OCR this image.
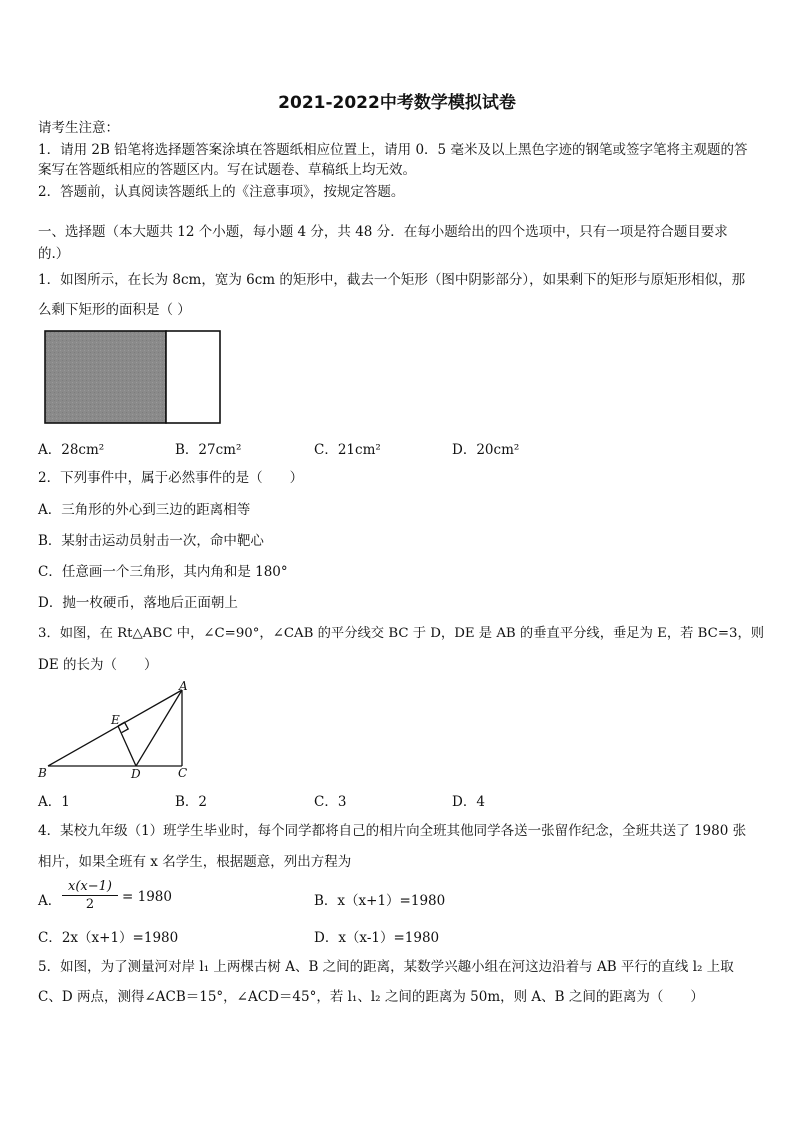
2021-2022中考数学模拟试卷
请考生注意：
1．请用 2B 铅笔将选择题答案涂填在答题纸相应位置上，请用 0．5 毫米及以上黑色字迹的钢笔或签字笔将主观题的答
案写在答题纸相应的答题区内。写在试题卷、草稿纸上均无效。
2．答题前，认真阅读答题纸上的《注意事项》，按规定答题。
一、选择题（本大题共 12 个小题，每小题 4 分，共 48 分．在每小题给出的四个选项中，只有一项是符合题目要求
的.）
1．如图所示，在长为 8cm，宽为 6cm 的矩形中，截去一个矩形（图中阴影部分），如果剩下的矩形与原矩形相似，那
么剩下矩形的面积是（ ）
A．28cm²	B．27cm²	C．21cm²	D．20cm²
2．下列事件中，属于必然事件的是（　　）
A．三角形的外心到三边的距离相等
B．某射击运动员射击一次，命中靶心
C．任意画一个三角形，其内角和是 180°
D．抛一枚硬币，落地后正面朝上
3．如图，在 Rt△ABC 中，∠C=90°，∠CAB 的平分线交 BC 于 D，DE 是 AB 的垂直平分线，垂足为 E，若 BC=3，则
DE 的长为（　　）
A
B	C
D
E
A．1	B．2	C．3	D．4
4．某校九年级（1）班学生毕业时，每个同学都将自己的相片向全班其他同学各送一张留作纪念，全班共送了 1980 张
相片，如果全班有 x 名学生，根据题意，列出方程为
A．
x(x−1)
2	= 1980	B．x（x+1）=1980
C．2x（x+1）=1980	D．x（x-1）=1980
5．如图，为了测量河对岸 l₁ 上两棵古树 A、B 之间的距离，某数学兴趣小组在河这边沿着与 AB 平行的直线 l₂ 上取
C、D 两点，测得∠ACB＝15°，∠ACD＝45°，若 l₁、l₂ 之间的距离为 50m，则 A、B 之间的距离为（　　）
